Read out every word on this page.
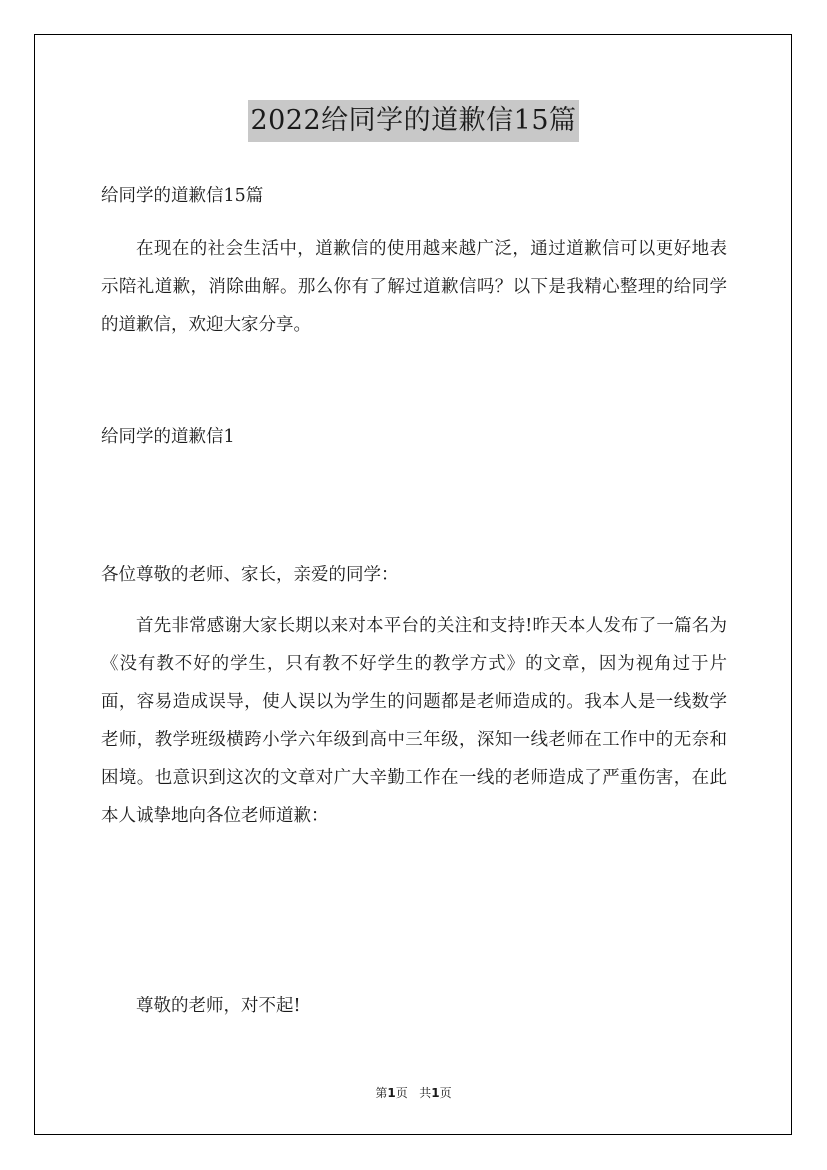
2022给同学的道歉信15篇
给同学的道歉信15篇
在现在的社会生活中，道歉信的使用越来越广泛，通过道歉信可以更好地表示陪礼道歉，消除曲解。那么你有了解过道歉信吗？以下是我精心整理的给同学的道歉信，欢迎大家分享。
给同学的道歉信1
各位尊敬的老师、家长，亲爱的同学：
首先非常感谢大家长期以来对本平台的关注和支持!昨天本人发布了一篇名为《没有教不好的学生，只有教不好学生的教学方式》的文章，因为视角过于片面，容易造成误导，使人误以为学生的问题都是老师造成的。我本人是一线数学老师，教学班级横跨小学六年级到高中三年级，深知一线老师在工作中的无奈和困境。也意识到这次的文章对广大辛勤工作在一线的老师造成了严重伤害，在此本人诚挚地向各位老师道歉：
尊敬的老师，对不起!
第1页 共1页
